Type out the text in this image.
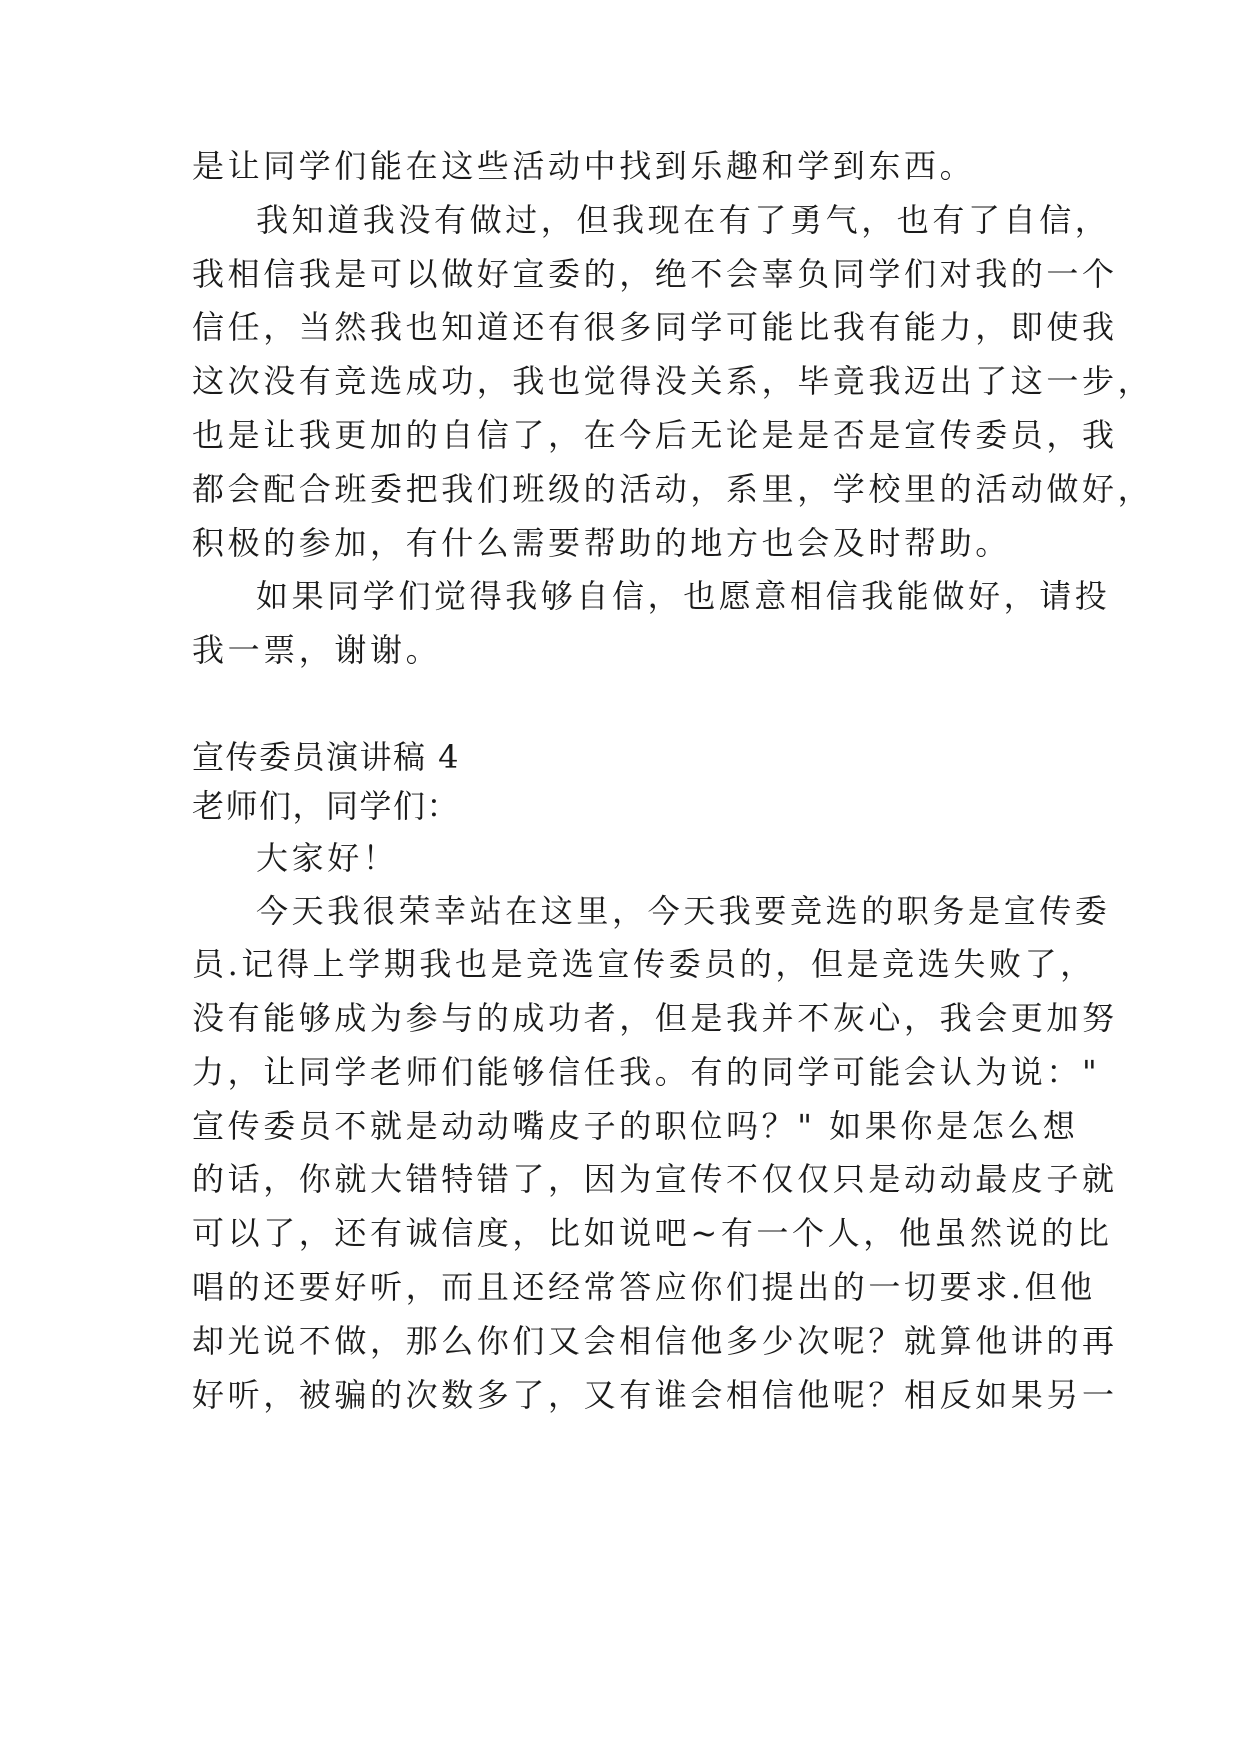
是让同学们能在这些活动中找到乐趣和学到东西。
我知道我没有做过，但我现在有了勇气，也有了自信，
我相信我是可以做好宣委的，绝不会辜负同学们对我的一个
信任，当然我也知道还有很多同学可能比我有能力，即使我
这次没有竞选成功，我也觉得没关系，毕竟我迈出了这一步，
也是让我更加的自信了，在今后无论是是否是宣传委员，我
都会配合班委把我们班级的活动，系里，学校里的活动做好，
积极的参加，有什么需要帮助的地方也会及时帮助。
如果同学们觉得我够自信，也愿意相信我能做好，请投
我一票，谢谢。
宣传委员演讲稿 4
老师们，同学们：
大家好！
今天我很荣幸站在这里，今天我要竞选的职务是宣传委
员.记得上学期我也是竞选宣传委员的，但是竞选失败了，
没有能够成为参与的成功者，但是我并不灰心，我会更加努
力，让同学老师们能够信任我。有的同学可能会认为说："
宣传委员不就是动动嘴皮子的职位吗？" 如果你是怎么想
的话，你就大错特错了，因为宣传不仅仅只是动动最皮子就
可以了，还有诚信度，比如说吧~有一个人，他虽然说的比
唱的还要好听，而且还经常答应你们提出的一切要求.但他
却光说不做，那么你们又会相信他多少次呢？就算他讲的再
好听，被骗的次数多了，又有谁会相信他呢？相反如果另一
